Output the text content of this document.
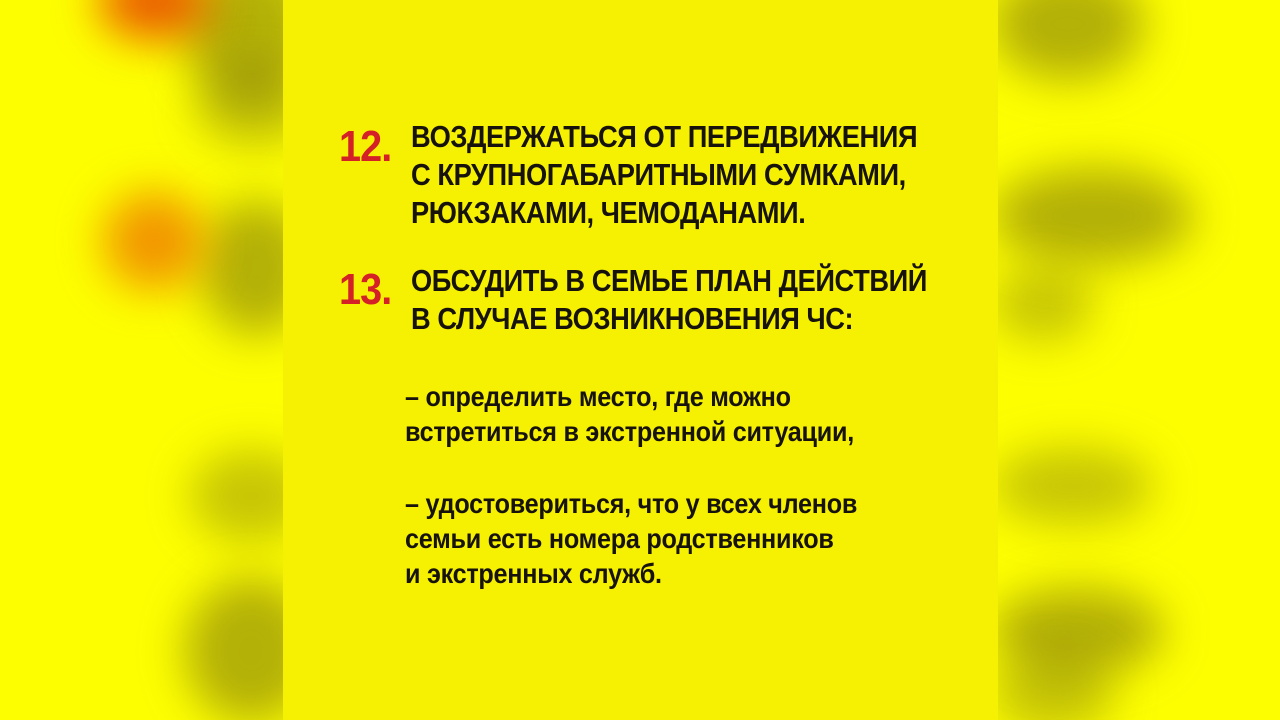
12. ВОЗДЕРЖАТЬСЯ ОТ ПЕРЕДВИЖЕНИЯ
С КРУПНОГАБАРИТНЫМИ СУМКАМИ,
РЮКЗАКАМИ, ЧЕМОДАНАМИ.
13. ОБСУДИТЬ В СЕМЬЕ ПЛАН ДЕЙСТВИЙ
В СЛУЧАЕ ВОЗНИКНОВЕНИЯ ЧС:
– определить место, где можно
встретиться в экстренной ситуации,
– удостовериться, что у всех членов
семьи есть номера родственников
и экстренных служб.
